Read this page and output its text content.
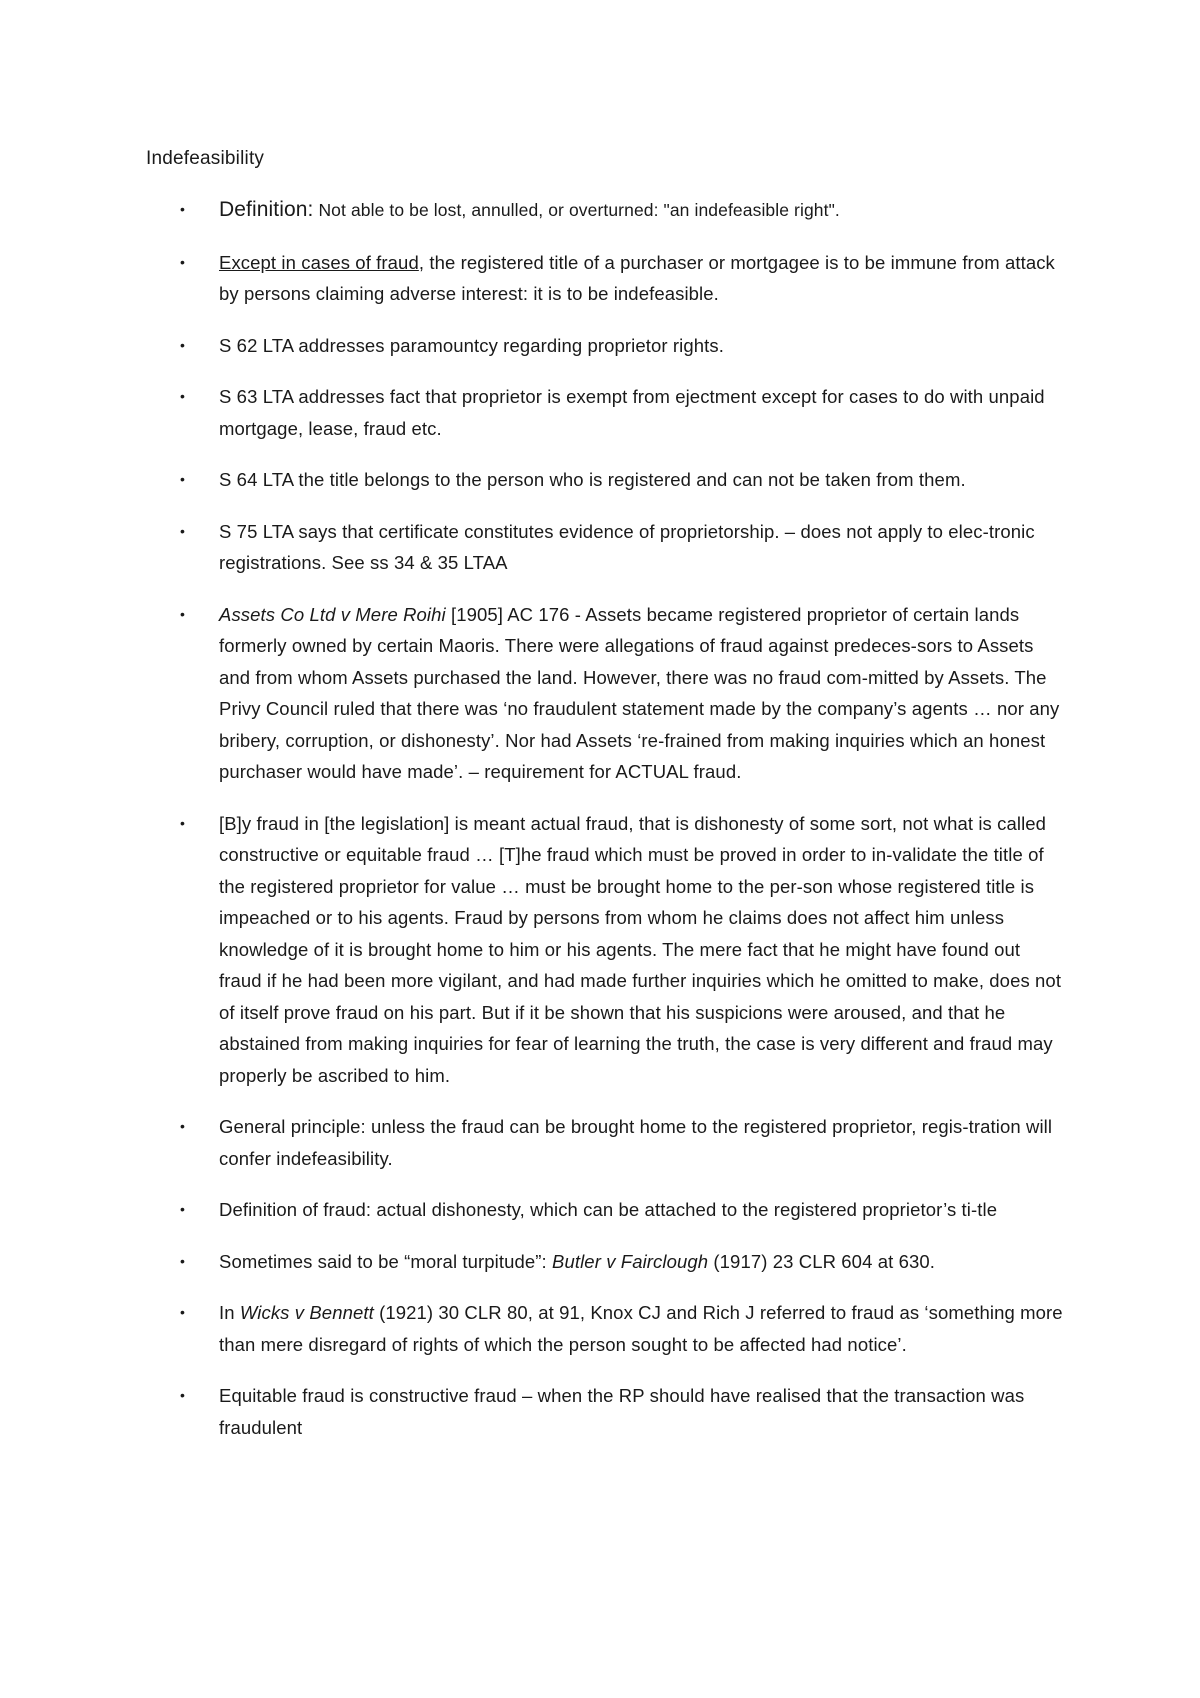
Indefeasibility
• Definition: Not able to be lost, annulled, or overturned: "an indefeasible right".
• Except in cases of fraud, the registered title of a purchaser or mortgagee is to be immune from attack by persons claiming adverse interest: it is to be indefeasible.
• S 62 LTA addresses paramountcy regarding proprietor rights.
• S 63 LTA addresses fact that proprietor is exempt from ejectment except for cases to do with unpaid mortgage, lease, fraud etc.
• S 64 LTA the title belongs to the person who is registered and can not be taken from them.
• S 75 LTA says that certificate constitutes evidence of proprietorship. – does not apply to elec-tronic registrations. See ss 34 & 35 LTAA
• Assets Co Ltd v Mere Roihi [1905] AC 176 - Assets became registered proprietor of certain lands formerly owned by certain Maoris. There were allegations of fraud against predeces-sors to Assets and from whom Assets purchased the land. However, there was no fraud com-mitted by Assets. The Privy Council ruled that there was ‘no fraudulent statement made by the company’s agents … nor any bribery, corruption, or dishonesty’. Nor had Assets ‘re-frained from making inquiries which an honest purchaser would have made’. – requirement for ACTUAL fraud.
• [B]y fraud in [the legislation] is meant actual fraud, that is dishonesty of some sort, not what is called constructive or equitable fraud … [T]he fraud which must be proved in order to in-validate the title of the registered proprietor for value … must be brought home to the per-son whose registered title is impeached or to his agents. Fraud by persons from whom he claims does not affect him unless knowledge of it is brought home to him or his agents. The mere fact that he might have found out fraud if he had been more vigilant, and had made further inquiries which he omitted to make, does not of itself prove fraud on his part. But if it be shown that his suspicions were aroused, and that he abstained from making inquiries for fear of learning the truth, the case is very different and fraud may properly be ascribed to him.
• General principle: unless the fraud can be brought home to the registered proprietor, regis-tration will confer indefeasibility.
• Definition of fraud: actual dishonesty, which can be attached to the registered proprietor’s ti-tle
• Sometimes said to be “moral turpitude”: Butler v Fairclough (1917) 23 CLR 604 at 630.
• In Wicks v Bennett (1921) 30 CLR 80, at 91, Knox CJ and Rich J referred to fraud as ‘something more than mere disregard of rights of which the person sought to be affected had notice’.
• Equitable fraud is constructive fraud – when the RP should have realised that the transaction was fraudulent
